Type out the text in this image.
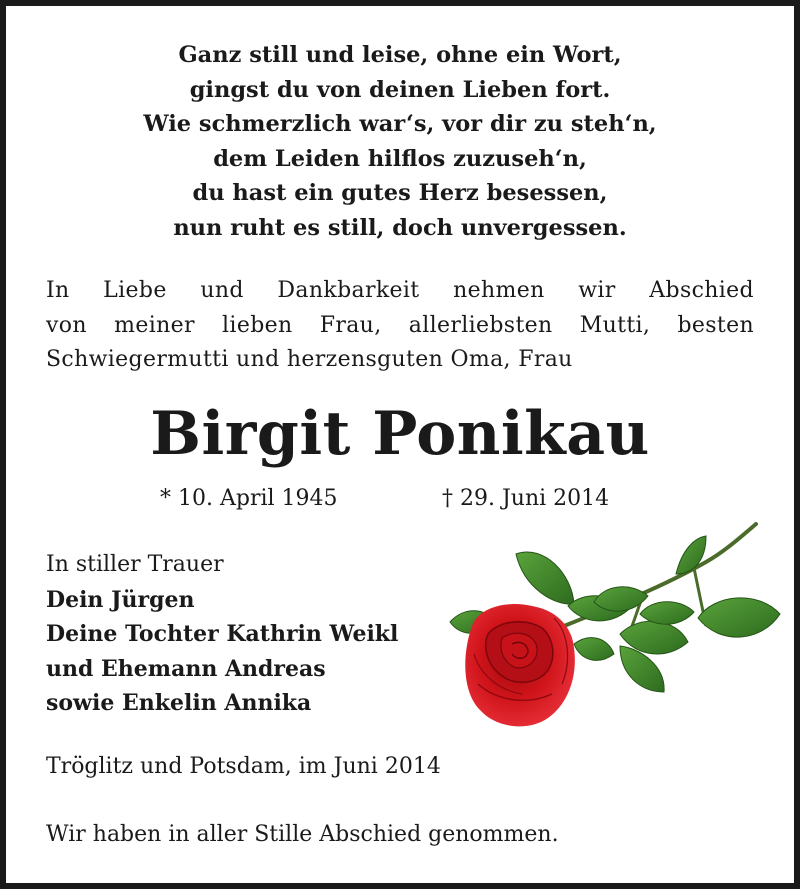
Ganz still und leise, ohne ein Wort,
gingst du von deinen Lieben fort.
Wie schmerzlich war‘s, vor dir zu steh‘n,
dem Leiden hilflos zuzuseh‘n,
du hast ein gutes Herz besessen,
nun ruht es still, doch unvergessen.
In Liebe und Dankbarkeit nehmen wir Abschied
von meiner lieben Frau, allerliebsten Mutti, besten
Schwiegermutti und herzensguten Oma, Frau
Birgit Ponikau
* 10. April 1945	† 29. Juni 2014
In stiller Trauer
Dein Jürgen
Deine Tochter Kathrin Weikl
und Ehemann Andreas
sowie Enkelin Annika
Tröglitz und Potsdam, im Juni 2014
Wir haben in aller Stille Abschied genommen.
